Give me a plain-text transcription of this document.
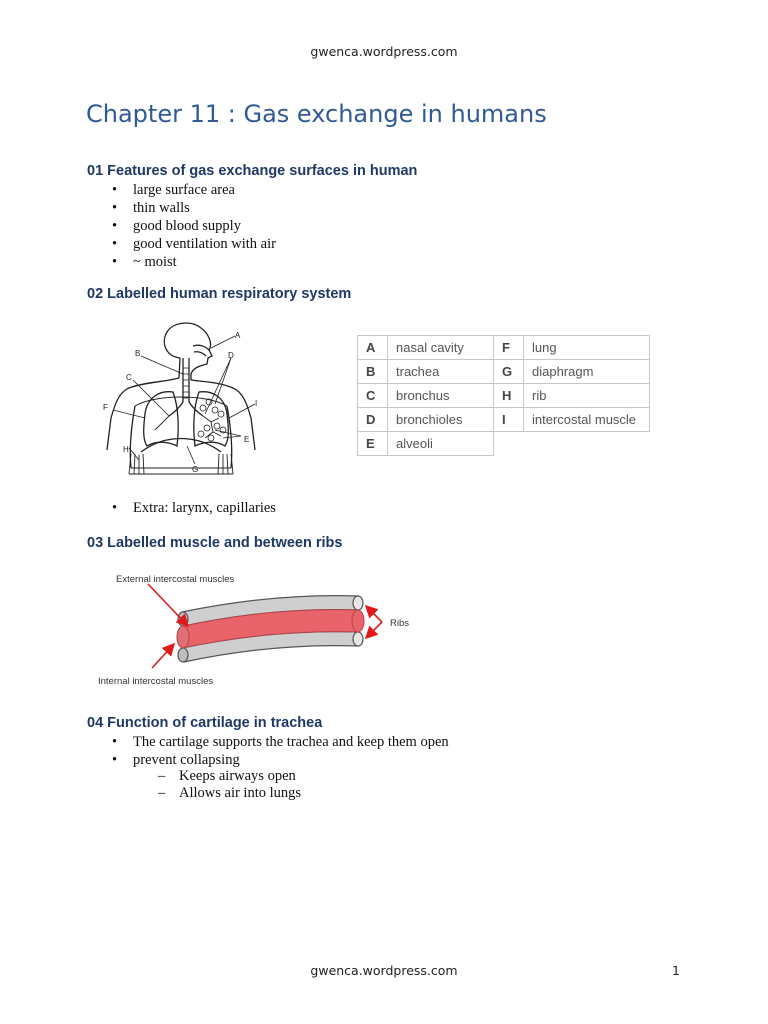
gwenca.wordpress.com
Chapter 11 : Gas exchange in humans
01 Features of gas exchange surfaces in human
• large surface area
• thin walls
• good blood supply
• good ventilation with air
• ~ moist
02 Labelled human respiratory system
A
B
C
D
E
F
G
H
I
A	nasal cavity	F	lung
B	trachea	G	diaphragm
C	bronchus	H	rib
D	bronchioles	I	intercostal muscle
E	alveoli		
• Extra: larynx, capillaries
03 Labelled muscle and between ribs
External intercostal muscles
Ribs
Internal intercostal muscles
04 Function of cartilage in trachea
• The cartilage supports the trachea and keep them open
• prevent collapsing
– Keeps airways open
– Allows air into lungs
gwenca.wordpress.com	1
